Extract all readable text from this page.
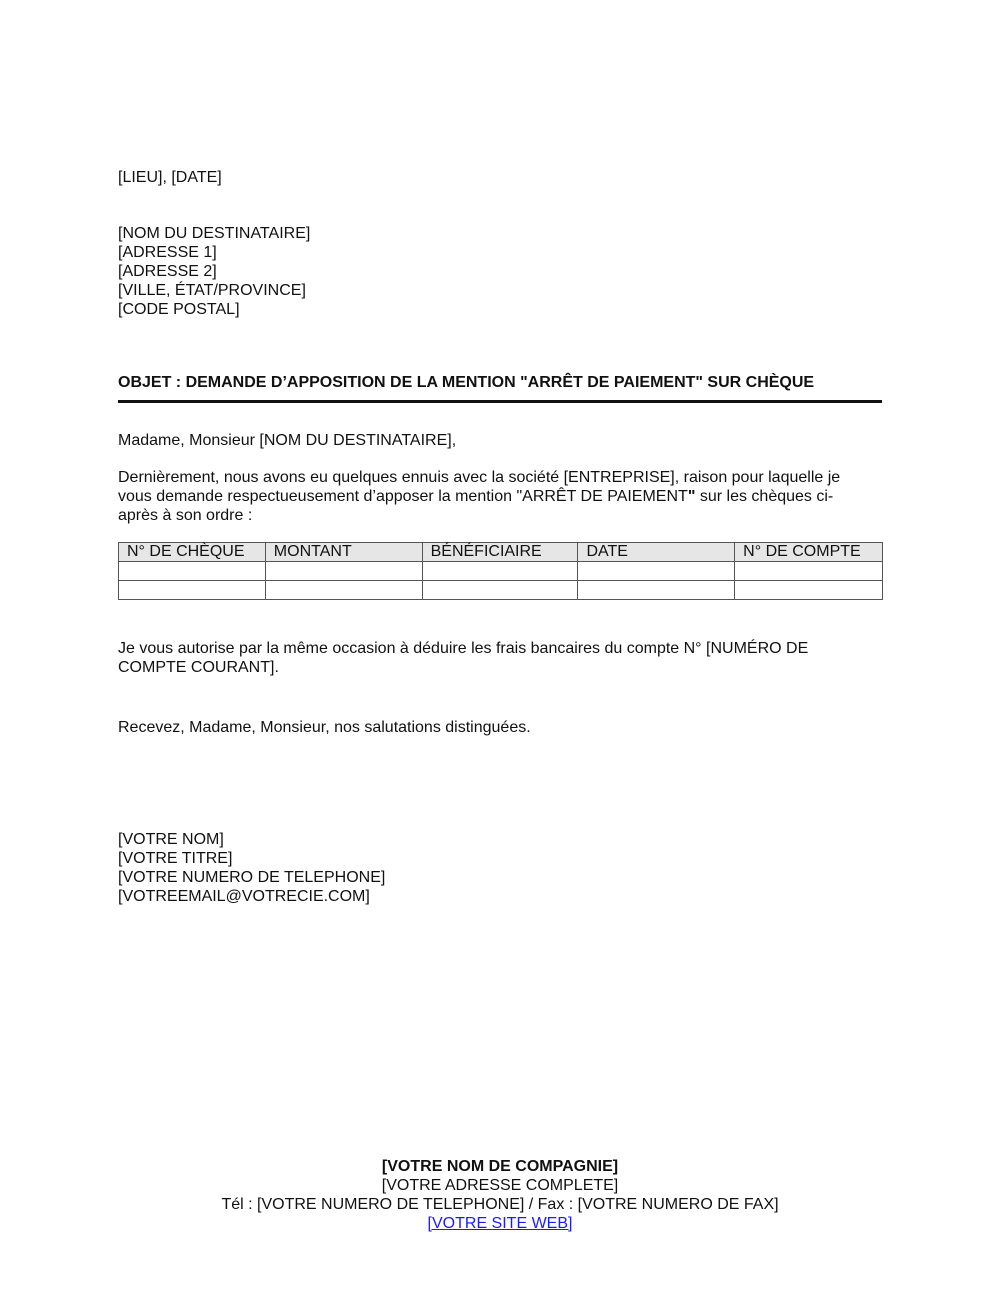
[LIEU], [DATE]
[NOM DU DESTINATAIRE]
[ADRESSE 1]
[ADRESSE 2]
[VILLE, ÉTAT/PROVINCE]
[CODE POSTAL]
OBJET : DEMANDE D’APPOSITION DE LA MENTION "ARRÊT DE PAIEMENT" SUR CHÈQUE
Madame, Monsieur [NOM DU DESTINATAIRE],
Dernièrement, nous avons eu quelques ennuis avec la société [ENTREPRISE], raison pour laquelle je
vous demande respectueusement d’apposer la mention "ARRÊT DE PAIEMENT" sur les chèques ci-
après à son ordre :
N° DE CHÈQUE	MONTANT	BÉNÉFICIAIRE	DATE	N° DE COMPTE

Je vous autorise par la même occasion à déduire les frais bancaires du compte N° [NUMÉRO DE
COMPTE COURANT].
Recevez, Madame, Monsieur, nos salutations distinguées.
[VOTRE NOM]
[VOTRE TITRE]
[VOTRE NUMERO DE TELEPHONE]
[VOTREEMAIL@VOTRECIE.COM]
[VOTRE NOM DE COMPAGNIE]
[VOTRE ADRESSE COMPLETE]
Tél : [VOTRE NUMERO DE TELEPHONE] / Fax : [VOTRE NUMERO DE FAX]
[VOTRE SITE WEB]
